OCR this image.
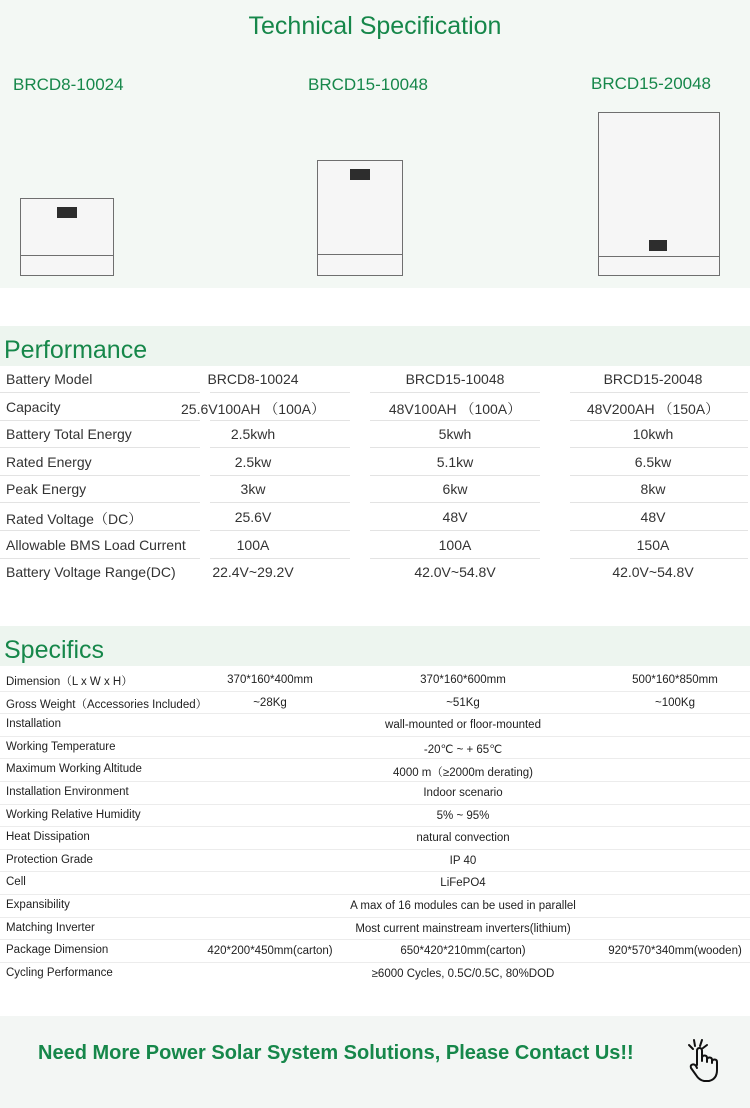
Technical Specification
BRCD8-10024	BRCD15-10048	BRCD15-20048
Performance
Battery Model	BRCD8-10024	BRCD15-10048	BRCD15-20048
Capacity	25.6V100AH （100A）	48V100AH （100A）	48V200AH （150A）
Battery Total Energy	2.5kwh	5kwh	10kwh
Rated Energy	2.5kw	5.1kw	6.5kw
Peak Energy	3kw	6kw	8kw
Rated Voltage（DC）	25.6V	48V	48V
Allowable BMS Load Current	100A	100A	150A
Battery Voltage Range(DC)	22.4V~29.2V	42.0V~54.8V	42.0V~54.8V
Specifics
Dimension（L x W x H）	370*160*400mm	370*160*600mm	500*160*850mm
Gross Weight（Accessories Included）	~28Kg	~51Kg	~100Kg
Installation	wall-mounted or floor-mounted
Working Temperature	-20℃ ~ + 65℃
Maximum Working Altitude	4000 m（≥2000m derating)
Installation Environment	Indoor scenario
Working Relative Humidity	5% ~ 95%
Heat Dissipation	natural convection
Protection Grade	IP 40
Cell	LiFePO4
Expansibility	A max of 16 modules can be used in parallel
Matching Inverter	Most current mainstream inverters(lithium)
Package Dimension	420*200*450mm(carton)	650*420*210mm(carton)	920*570*340mm(wooden)
Cycling Performance	≥6000 Cycles, 0.5C/0.5C, 80%DOD
Need More Power Solar System Solutions, Please Contact Us!!
